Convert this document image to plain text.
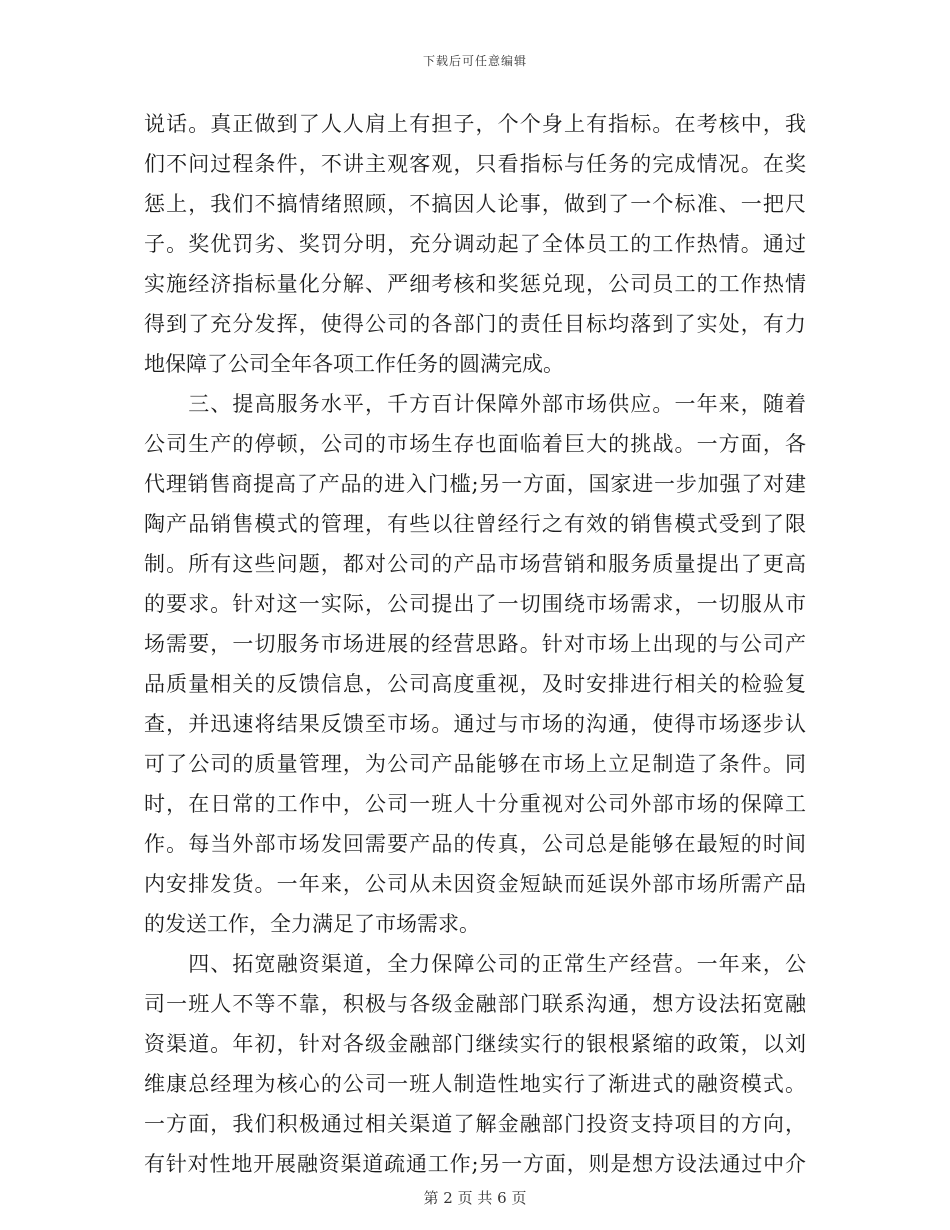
下载后可任意编辑
说话。真正做到了人人肩上有担子，个个身上有指标。在考核中，我
们不问过程条件，不讲主观客观，只看指标与任务的完成情况。在奖
惩上，我们不搞情绪照顾，不搞因人论事，做到了一个标准、一把尺
子。奖优罚劣、奖罚分明，充分调动起了全体员工的工作热情。通过
实施经济指标量化分解、严细考核和奖惩兑现，公司员工的工作热情
得到了充分发挥，使得公司的各部门的责任目标均落到了实处，有力
地保障了公司全年各项工作任务的圆满完成。
　　三、提高服务水平，千方百计保障外部市场供应。一年来，随着
公司生产的停顿，公司的市场生存也面临着巨大的挑战。一方面，各
代理销售商提高了产品的进入门槛;另一方面，国家进一步加强了对建
陶产品销售模式的管理，有些以往曾经行之有效的销售模式受到了限
制。所有这些问题，都对公司的产品市场营销和服务质量提出了更高
的要求。针对这一实际，公司提出了一切围绕市场需求，一切服从市
场需要，一切服务市场进展的经营思路。针对市场上出现的与公司产
品质量相关的反馈信息，公司高度重视，及时安排进行相关的检验复
查，并迅速将结果反馈至市场。通过与市场的沟通，使得市场逐步认
可了公司的质量管理，为公司产品能够在市场上立足制造了条件。同
时，在日常的工作中，公司一班人十分重视对公司外部市场的保障工
作。每当外部市场发回需要产品的传真，公司总是能够在最短的时间
内安排发货。一年来，公司从未因资金短缺而延误外部市场所需产品
的发送工作，全力满足了市场需求。
　　四、拓宽融资渠道，全力保障公司的正常生产经营。一年来，公
司一班人不等不靠，积极与各级金融部门联系沟通，想方设法拓宽融
资渠道。年初，针对各级金融部门继续实行的银根紧缩的政策，以刘
维康总经理为核心的公司一班人制造性地实行了渐进式的融资模式。
一方面，我们积极通过相关渠道了解金融部门投资支持项目的方向，
有针对性地开展融资渠道疏通工作;另一方面，则是想方设法通过中介
第 2 页 共 6 页
